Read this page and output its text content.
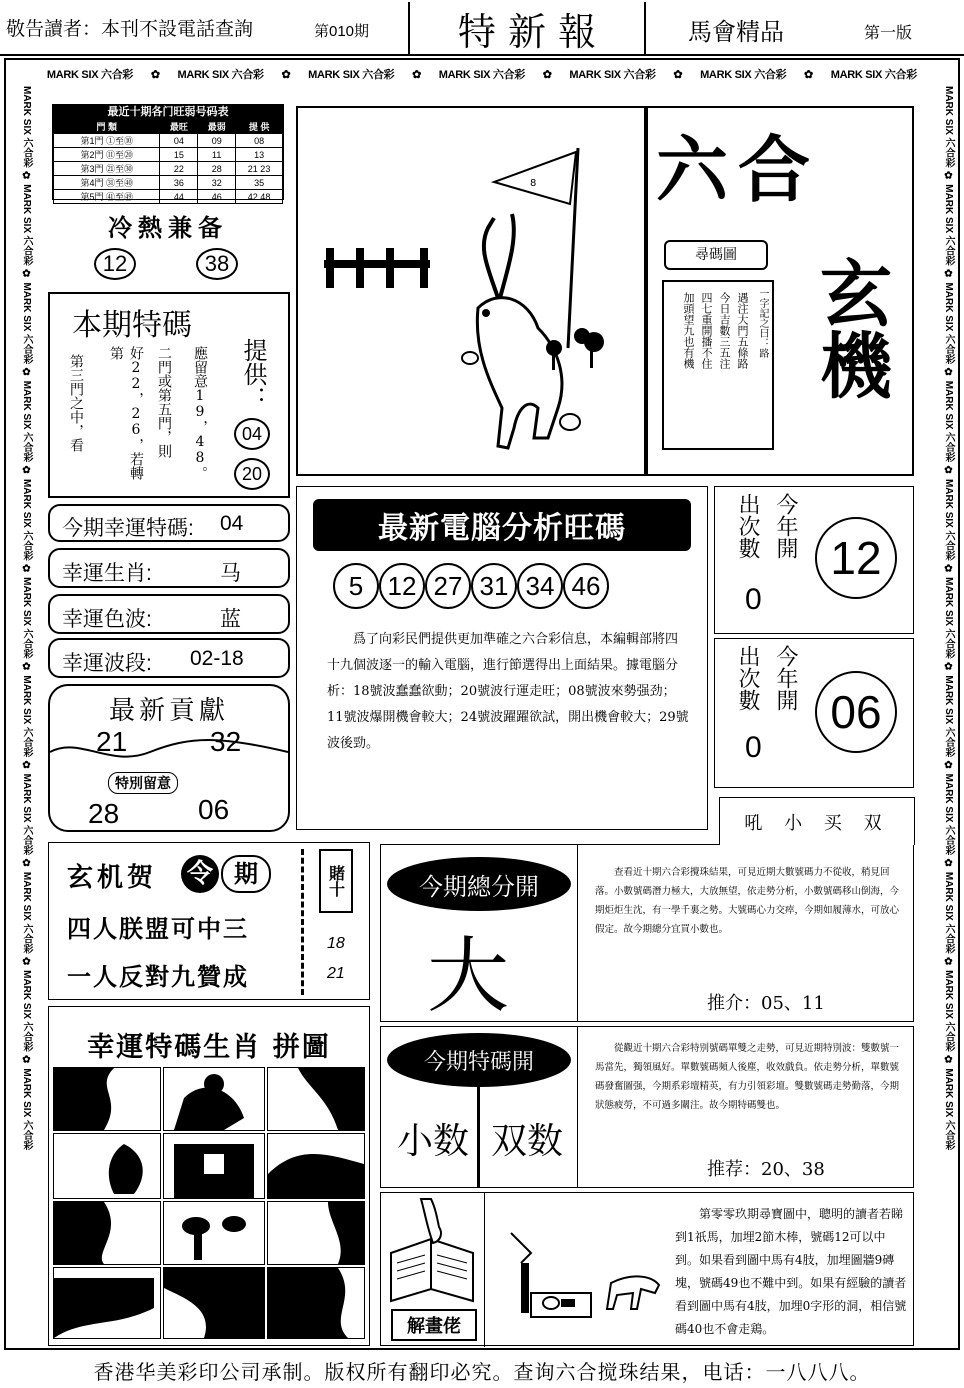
敬告讀者：本刊不設電話查詢	第010期 特 新 報	馬會精品	第一版
MARK SIX 六合彩 ✿ MARK SIX 六合彩 ✿ MARK SIX 六合彩 ✿ MARK SIX 六合彩 ✿ MARK SIX 六合彩 ✿ MARK SIX 六合彩 ✿ MARK SIX 六合彩
MARK SIX 六合彩 ✿ MARK SIX 六合彩 ✿ MARK SIX 六合彩 ✿ MARK SIX 六合彩 ✿ MARK SIX 六合彩 ✿ MARK SIX 六合彩 ✿ MARK SIX 六合彩 ✿ MARK SIX 六合彩 ✿ MARK SIX 六合彩 ✿ MARK SIX 六合彩 ✿ MARK SIX 六合彩
MARK SIX 六合彩 ✿ MARK SIX 六合彩 ✿ MARK SIX 六合彩 ✿ MARK SIX 六合彩 ✿ MARK SIX 六合彩 ✿ MARK SIX 六合彩 ✿ MARK SIX 六合彩 ✿ MARK SIX 六合彩 ✿ MARK SIX 六合彩 ✿ MARK SIX 六合彩 ✿ MARK SIX 六合彩
最近十期各门旺弱号码表
門 類	最旺	最弱	提 供
第1門 ①至⑩	04	09	08
第2門 ⑪至⑳	15	11	13
第3門 ㉑至㉚	22	28	21 23
第4門 ㉛至㊵	36	32	35
第5門 ㊶至㊾	44	46	42 48
冷熱兼备
12	38
本期特碼
應留意19，48。
二門或第五門，則
好22，26，若轉第
第三門之中，看	提供：
04
20
今期幸運特碼: 04
幸運生肖:	马
幸運色波:	蓝
幸運波段: 02-18
最新貢獻
21	32
特別留意
28	06
玄机贺 令 期
四人朕盟可中三
一人反對九贊成
賭十
18
21
幸運特碼生肖 拼圖
8 六合
玄機
尋碼圖
一字記之曰：路
遇注大門五條路
今日吉數三五注
四七重開播不住
加頭望九也有機
最新電腦分析旺碼
5 12 27 31 34 46
爲了向彩民們提供更加準確之六合彩信息，本編輯部將四十九個波逐一的輸入電腦，進行節選得出上面結果。據電腦分析：18號波蠢蠢欲動；20號波行運走旺；08號波來勢强劲；11號波爆開機會較大；24號波躍躍欲試，開出機會較大；29號波後勁。
今年開
出次數
0
12
今年開
出次數
0
06
今期總分開
大
吼 小 买 双
查看近十期六合彩攪珠結果，可見近期大數號碼力不從收，稍見回落。小數號碼潛力極大，大放無望，依走勢分析，小數號碼移山倒海，今期炬炬生沈，有一學千裏之勢。大號碼心力交瘁，今期如履薄水，可放心假定。故今期總分宜買小數也。
推介：05、11
今期特碼開
小数 双数
從觀近十期六合彩特别號碼單雙之走勢，可見近期特別波：雙數號一馬當先，獨領風好。單數號碼頻人後塵，收效戲負。依走勢分析，單數號碼發奮圖强，今期系彩壇精英，有力引領彩壇。雙數號碼走勢勤落，今期狀態疲勞，不可過多關注。故今期特碼雙也。
推荐：20、38
解畫佬
第零零玖期尋寶圖中，聰明的讀者若睇到1祇馬，加埋2節木棒，號碼12可以中到。如果看到圖中馬有4肢，加埋圖牆9磚塊，號碼49也不難中到。如果有經驗的讀者看到圖中馬有4肢，加埋0字形的洞，相信號碼40也不會走鶏。
香港华美彩印公司承制。版权所有翻印必究。查询六合搅珠结果，电话：一八八八。
